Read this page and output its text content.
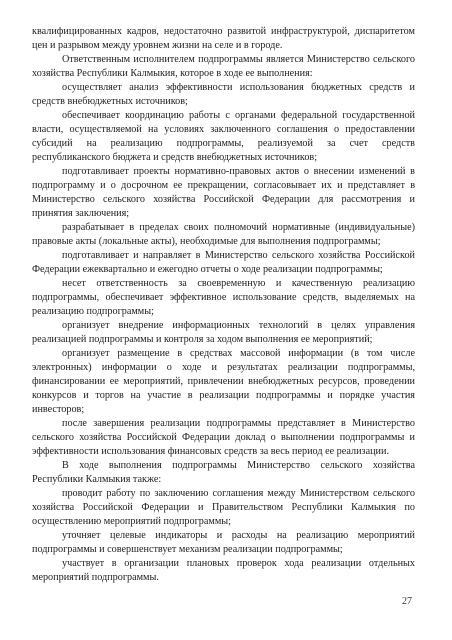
квалифицированных кадров, недостаточно развитой инфраструктурой, диспаритетом цен и разрывом между уровнем жизни на селе и в городе.

Ответственным исполнителем подпрограммы является Министерство сельского хозяйства Республики Калмыкия, которое в ходе ее выполнения:

осуществляет анализ эффективности использования бюджетных средств и средств внебюджетных источников;

обеспечивает координацию работы с органами федеральной государственной власти, осуществляемой на условиях заключенного соглашения о предоставлении субсидий на реализацию подпрограммы, реализуемой за счет средств республиканского бюджета и средств внебюджетных источников;

подготавливает проекты нормативно-правовых актов о внесении изменений в подпрограмму и о досрочном ее прекращении, согласовывает их и представляет в Министерство сельского хозяйства Российской Федерации для рассмотрения и принятия заключения;

разрабатывает в пределах своих полномочий нормативные (индивидуальные) правовые акты (локальные акты), необходимые для выполнения подпрограммы;

подготавливает и направляет в Министерство сельского хозяйства Российской Федерации ежеквартально и ежегодно отчеты о ходе реализации подпрограммы;

несет ответственность за своевременную и качественную реализацию подпрограммы, обеспечивает эффективное использование средств, выделяемых на реализацию подпрограммы;

организует внедрение информационных технологий в целях управления реализацией подпрограммы и контроля за ходом выполнения ее мероприятий;

организует размещение в средствах массовой информации (в том числе электронных) информации о ходе и результатах реализации подпрограммы, финансировании ее мероприятий, привлечении внебюджетных ресурсов, проведении конкурсов и торгов на участие в реализации подпрограммы и порядке участия инвесторов;

после завершения реализации подпрограммы представляет в Министерство сельского хозяйства Российской Федерации доклад о выполнении подпрограммы и эффективности использования финансовых средств за весь период ее реализации.

В ходе выполнения подпрограммы Министерство сельского хозяйства Республики Калмыкия также:

проводит работу по заключению соглашения между Министерством сельского хозяйства Российской Федерации и Правительством Республики Калмыкия по осуществлению мероприятий подпрограммы;

уточняет целевые индикаторы и расходы на реализацию мероприятий подпрограммы и совершенствует механизм реализации подпрограммы;

участвует в организации плановых проверок хода реализации отдельных мероприятий подпрограммы.

27
